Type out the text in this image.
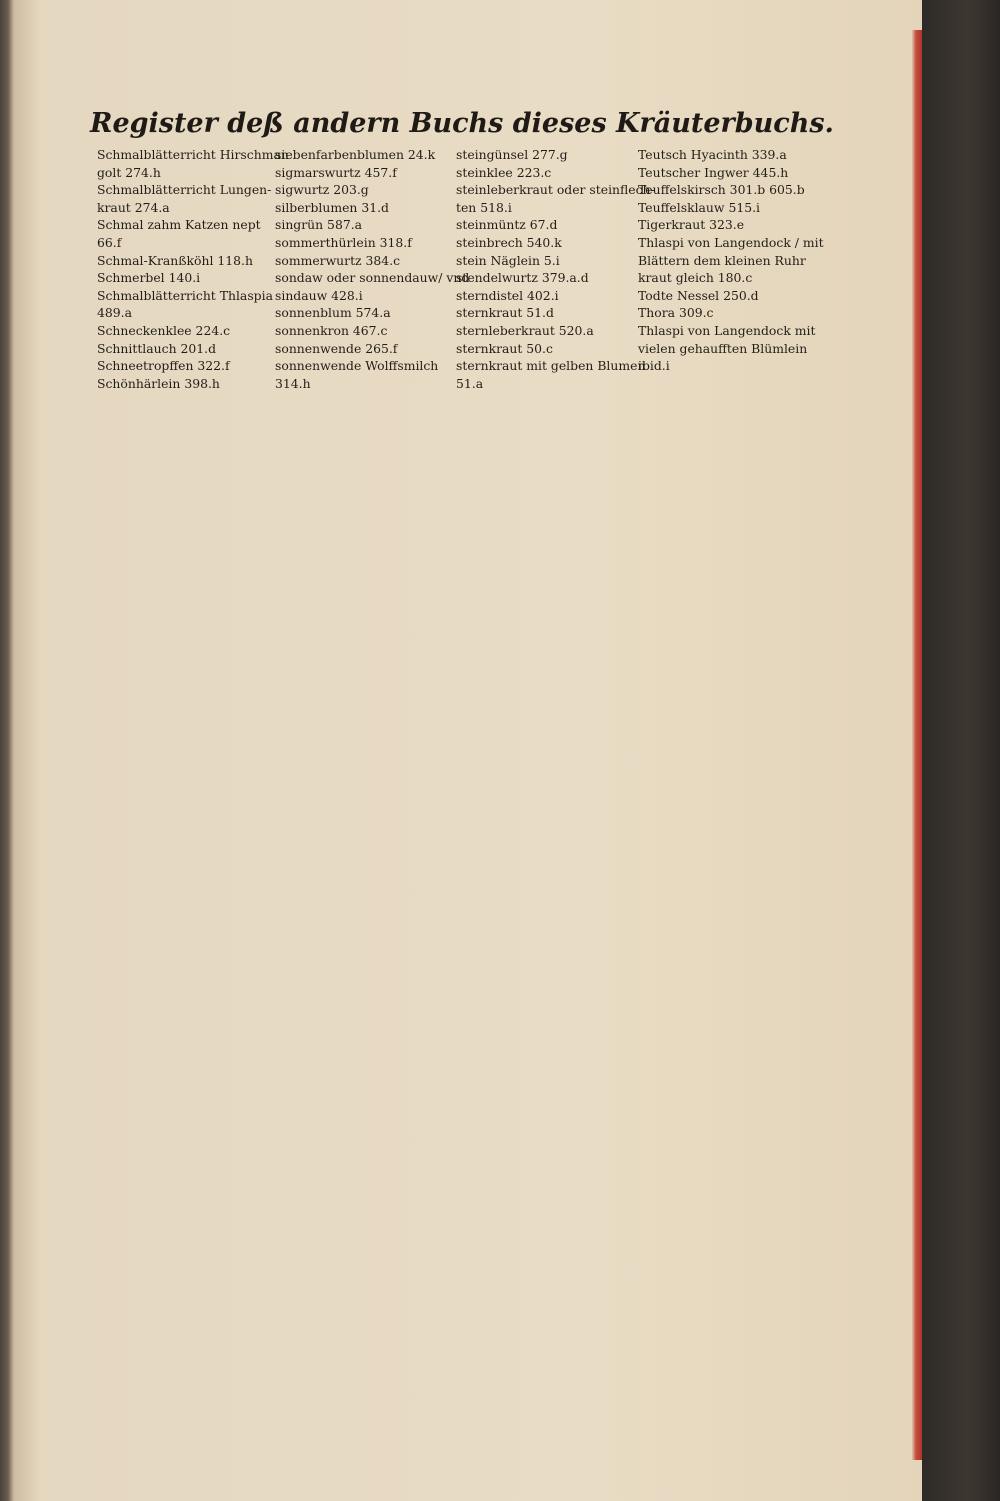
Register deß andern Buchs dieses Kräuterbuchs.
Schmalblätterricht Hirschman
golt 274.h
Schmalblätterricht Lungen-
kraut 274.a
Schmal zahm Katzen nept
66.f
Schmal-Kranßköhl 118.h
Schmerbel 140.i
Schmalblätterricht Thlaspia
489.a
Schneckenklee 224.c
Schnittlauch 201.d
Schneetropffen 322.f
Schönhärlein 398.h
siebenfarbenblumen 24.k
sigmarswurtz 457.f
sigwurtz 203.g
silberblumen 31.d
singrün 587.a
sommerthürlein 318.f
sommerwurtz 384.c
sondaw oder sonnendauw/ vnd
sindauw 428.i
sonnenblum 574.a
sonnenkron 467.c
sonnenwende 265.f
sonnenwende Wolffsmilch
314.h
steingünsel 277.g
steinklee 223.c
steinleberkraut oder steinflech-
ten 518.i
steinmüntz 67.d
steinbrech 540.k
stein Näglein 5.i
stendelwurtz 379.a.d
sterndistel 402.i
sternkraut 51.d
sternleberkraut 520.a
sternkraut 50.c
sternkraut mit gelben Blumen
51.a
Teutsch Hyacinth 339.a
Teutscher Ingwer 445.h
Teuffelskirsch 301.b 605.b
Teuffelsklauw 515.i
Tigerkraut 323.e
Thlaspi von Langendock / mit
Blättern dem kleinen Ruhr
kraut gleich 180.c
Todte Nessel 250.d
Thora 309.c
Thlaspi von Langendock mit
vielen gehaufften Blümlein
ibid.i
